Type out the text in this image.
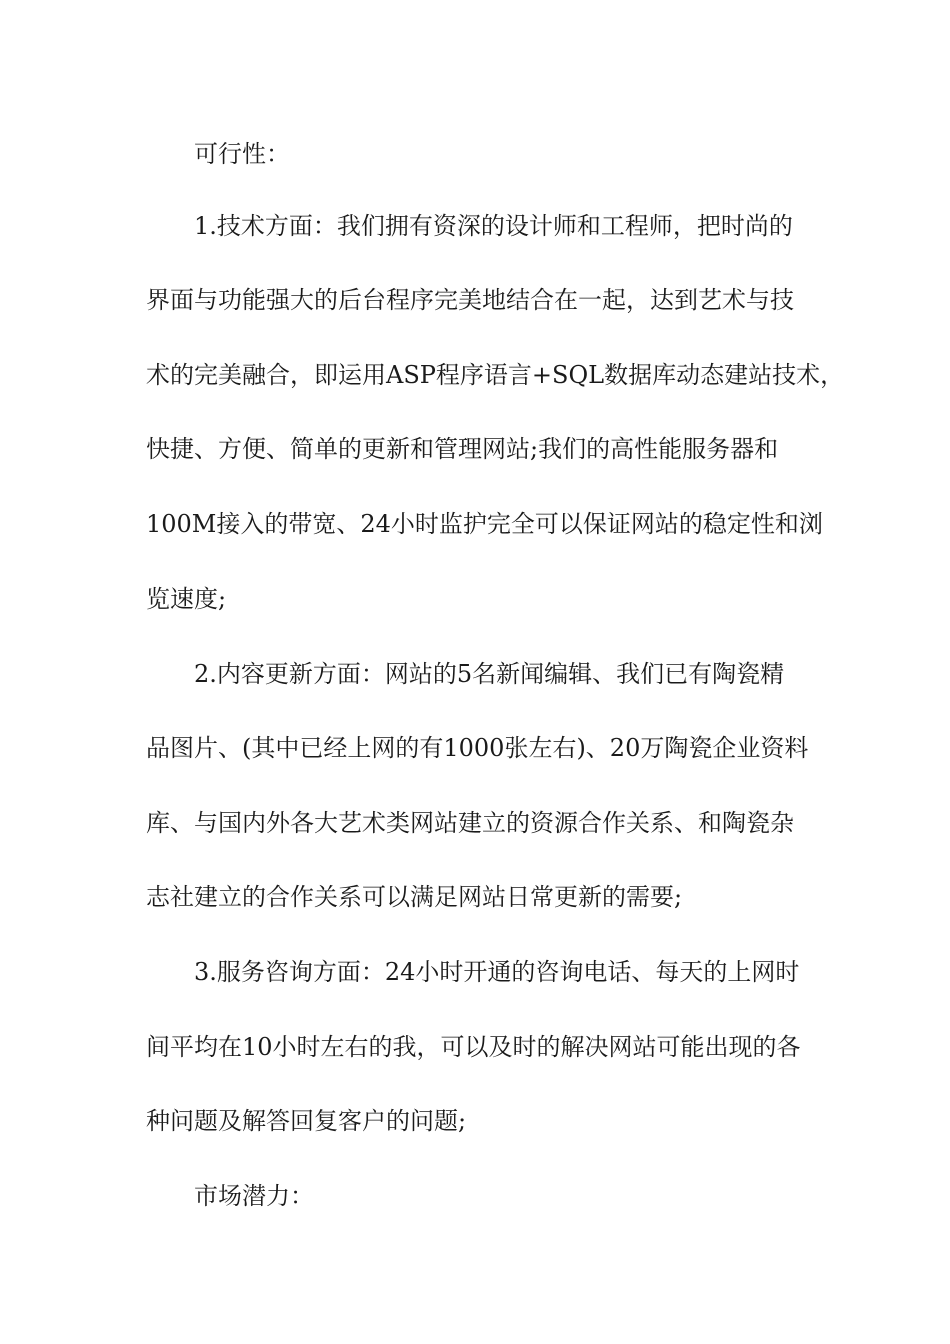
可行性：
1.技术方面：我们拥有资深的设计师和工程师，把时尚的
界面与功能强大的后台程序完美地结合在一起，达到艺术与技
术的完美融合，即运用ASP程序语言+SQL数据库动态建站技术，
快捷、方便、简单的更新和管理网站;我们的高性能服务器和
100M接入的带宽、24小时监护完全可以保证网站的稳定性和浏
览速度;
2.内容更新方面：网站的5名新闻编辑、我们已有陶瓷精
品图片、(其中已经上网的有1000张左右)、20万陶瓷企业资料
库、与国内外各大艺术类网站建立的资源合作关系、和陶瓷杂
志社建立的合作关系可以满足网站日常更新的需要;
3.服务咨询方面：24小时开通的咨询电话、每天的上网时
间平均在10小时左右的我，可以及时的解决网站可能出现的各
种问题及解答回复客户的问题;
市场潜力：
